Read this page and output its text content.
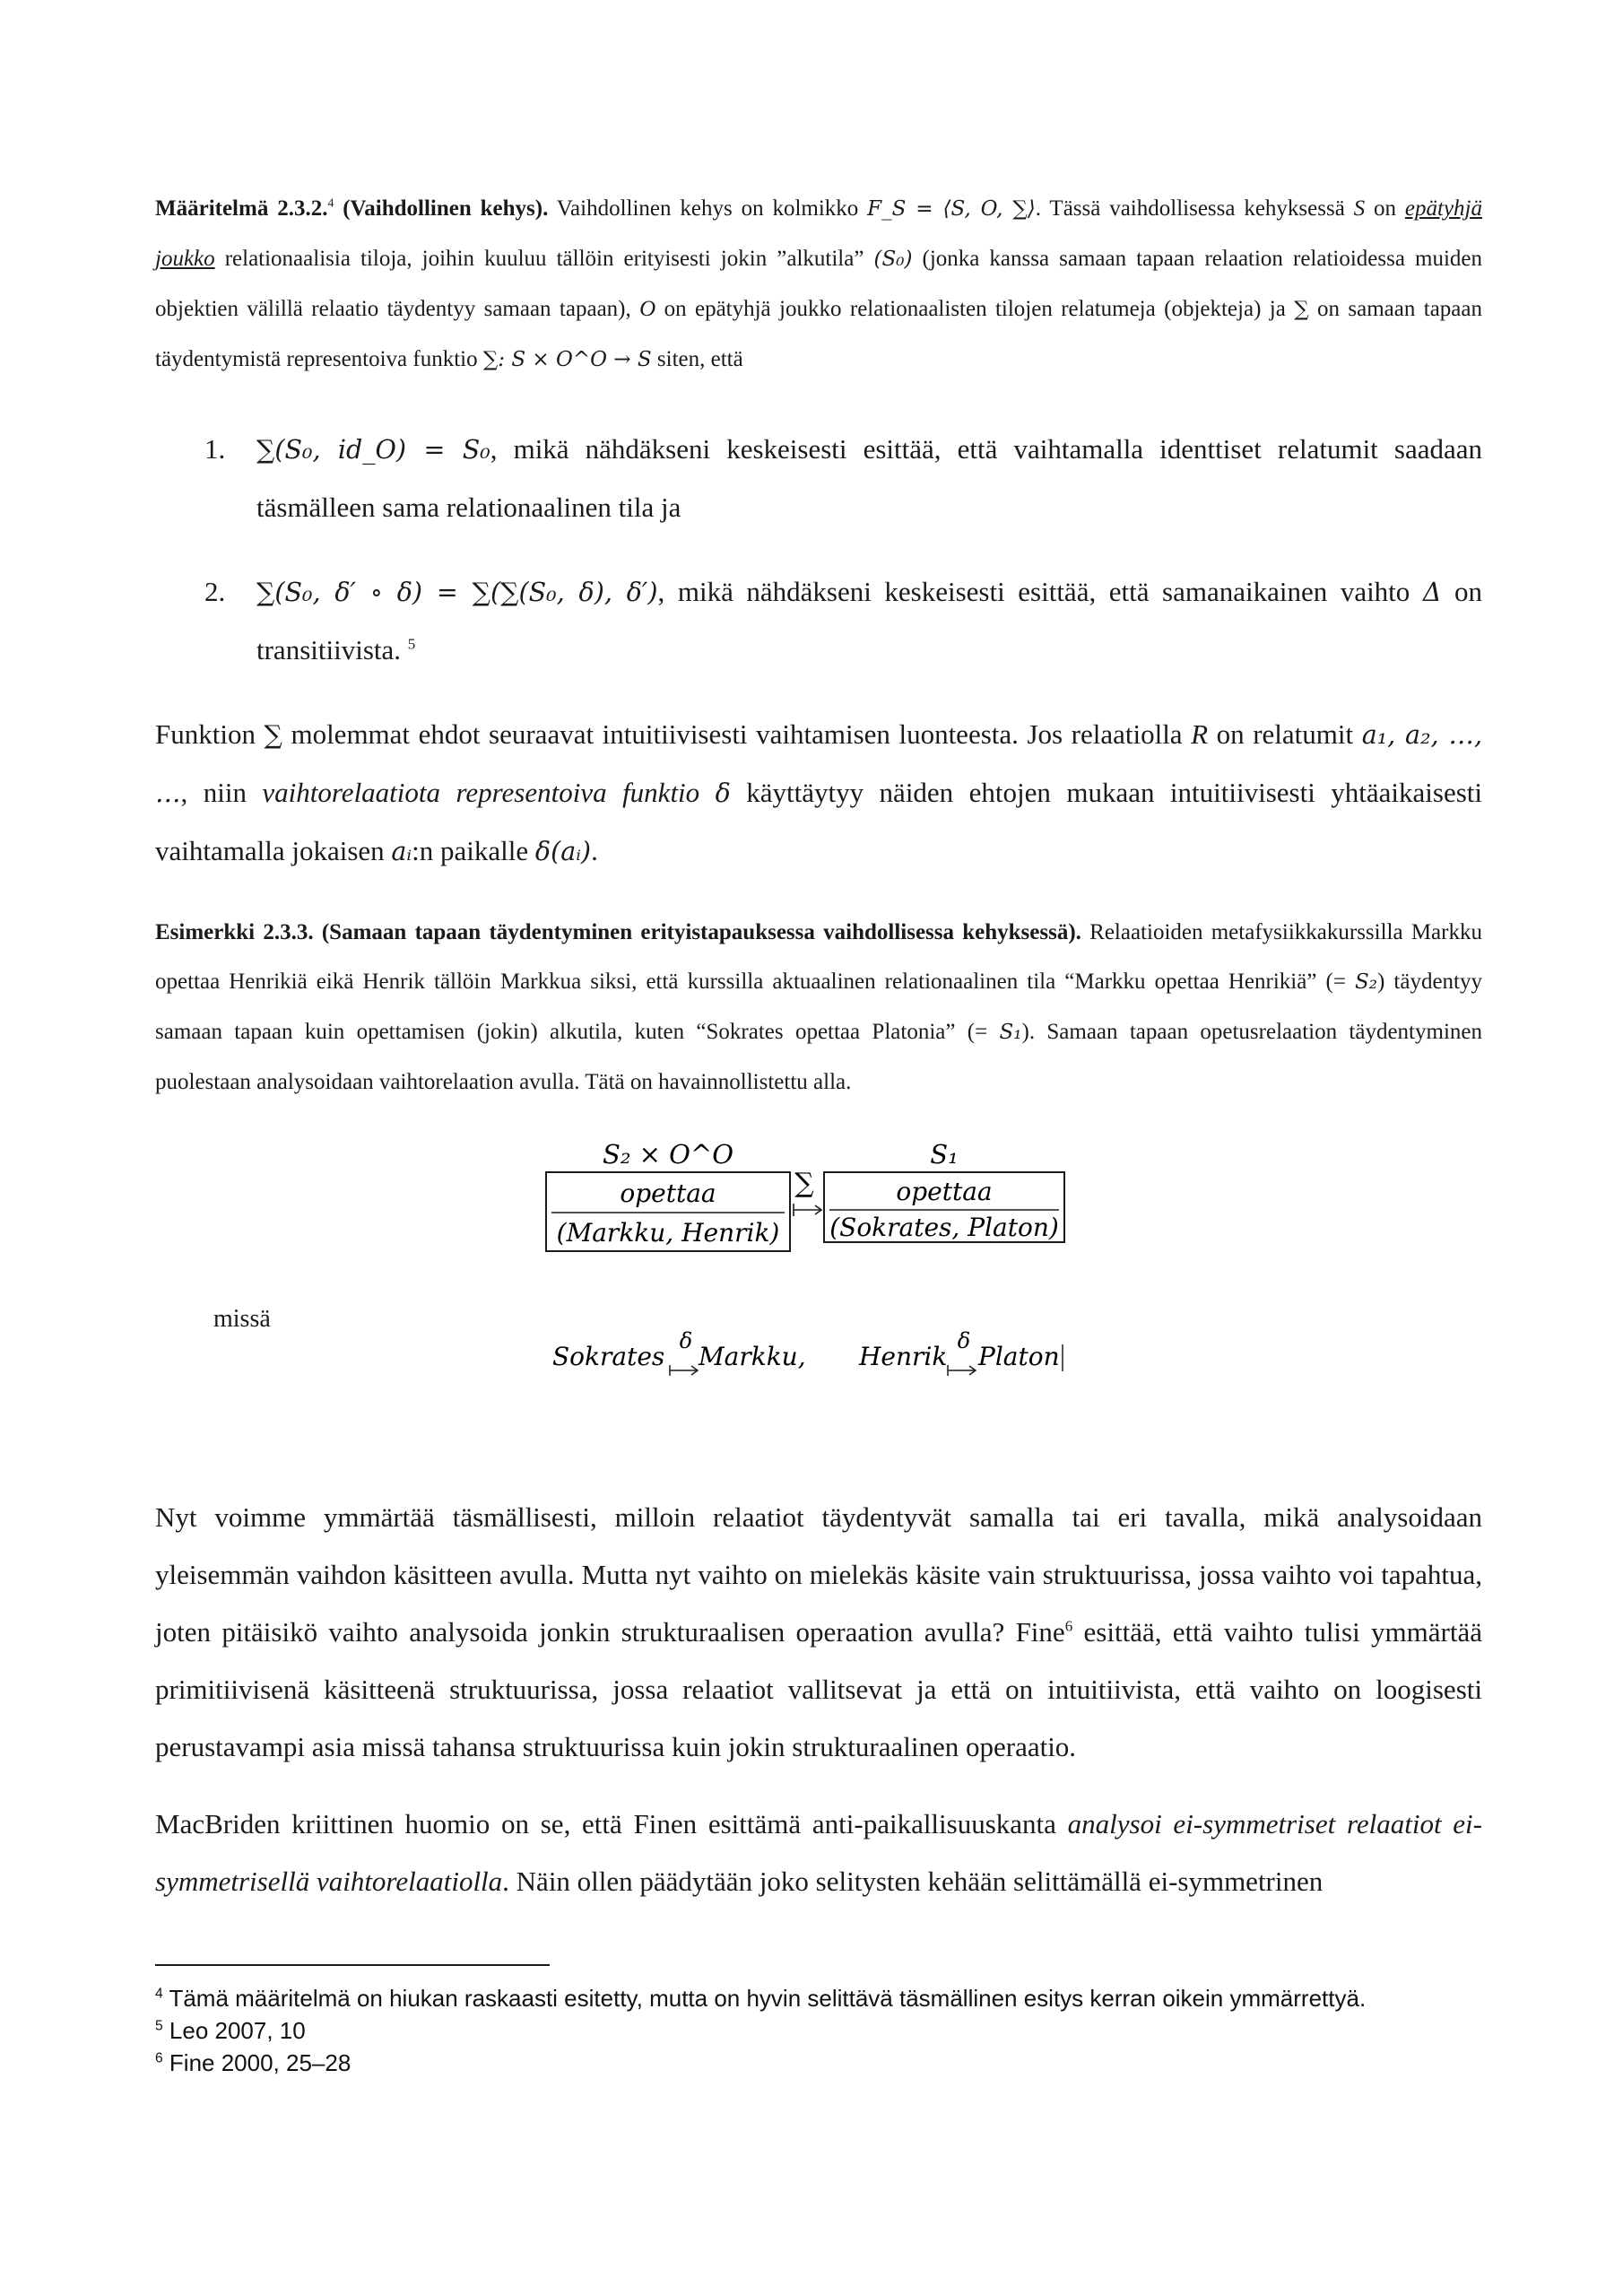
Määritelmä 2.3.2.$^4$ (Vaihdollinen kehys). Vaihdollinen kehys on kolmikko F_S = ⟨S, O, ∑⟩. Tässä vaihdollisessa kehyksessä S on epätyhjä joukko relationaalisia tiloja, joihin kuuluu tällöin erityisesti jokin ”alkutila” (S₀) (jonka kanssa samaan tapaan relaation relatioidessa muiden objektien välillä relaatio täydentyy samaan tapaan), O on epätyhjä joukko relationaalisten tilojen relatumeja (objekteja) ja ∑ on samaan tapaan täydentymistä representoiva funktio ∑: S × O^O → S siten, että

1. ∑(S₀, id_O) = S₀, mikä nähdäkseni keskeisesti esittää, että vaihtamalla identtiset relatumit saadaan täsmälleen sama relationaalinen tila ja
2. ∑(S₀, δ′ ∘ δ) = ∑(∑(S₀, δ), δ′), mikä nähdäkseni keskeisesti esittää, että samanaikainen vaihto Δ on transitiivista. $^5$

Funktion ∑ molemmat ehdot seuraavat intuitiivisesti vaihtamisen luonteesta. Jos relaatiolla R on relatumit a₁, a₂, …, …, niin vaihtorelaatiota representoiva funktio δ käyttäytyy näiden ehtojen mukaan intuitiivisesti yhtäaikaisesti vaihtamalla jokaisen aᵢ:n paikalle δ(aᵢ).

Esimerkki 2.3.3. (Samaan tapaan täydentyminen erityistapauksessa vaihdollisessa kehyksessä). Relaatioiden metafysiikkakurssilla Markku opettaa Henrikiä eikä Henrik tällöin Markkua siksi, että kurssilla aktuaalinen relationaalinen tila “Markku opettaa Henrikiä” (= S₂) täydentyy samaan tapaan kuin opettamisen (jokin) alkutila, kuten “Sokrates opettaa Platonia” (= S₁). Samaan tapaan opetusrelaation täydentyminen puolestaan analysoidaan vaihtorelaation avulla. Tätä on havainnollistettu alla.

Nyt voimme ymmärtää täsmällisesti, milloin relaatiot täydentyvät samalla tai eri tavalla, mikä analysoidaan yleisemmän vaihdon käsitteen avulla. Mutta nyt vaihto on mielekäs käsite vain struktuurissa, jossa vaihto voi tapahtua, joten pitäisikö vaihto analysoida jonkin strukturaalisen operaation avulla? Fine$^6$ esittää, että vaihto tulisi ymmärtää primitiivisenä käsitteenä struktuurissa, jossa relaatiot vallitsevat ja että on intuitiivista, että vaihto on loogisesti perustavampi asia missä tahansa struktuurissa kuin jokin strukturaalinen operaatio.

MacBriden kriittinen huomio on se, että Finen esittämä anti-paikallisuuskanta analysoi ei-symmetriset relaatiot ei-symmetrisellä vaihtorelaatiolla. Näin ollen päädytään joko selitysten kehään selittämällä ei-symmetrinen

S₂ × O^O
opettaa
(Markku, Henrik)
∑
S₁
opettaa
(Sokrates, Platon)
Sokrates
δ
Markku, Henrik
δ
Platon
missä
$^4$ Tämä määritelmä on hiukan raskaasti esitetty, mutta on hyvin selittävä täsmällinen esitys kerran oikein ymmärrettyä.
$^5$ Leo 2007, 10
$^6$ Fine 2000, 25–28
